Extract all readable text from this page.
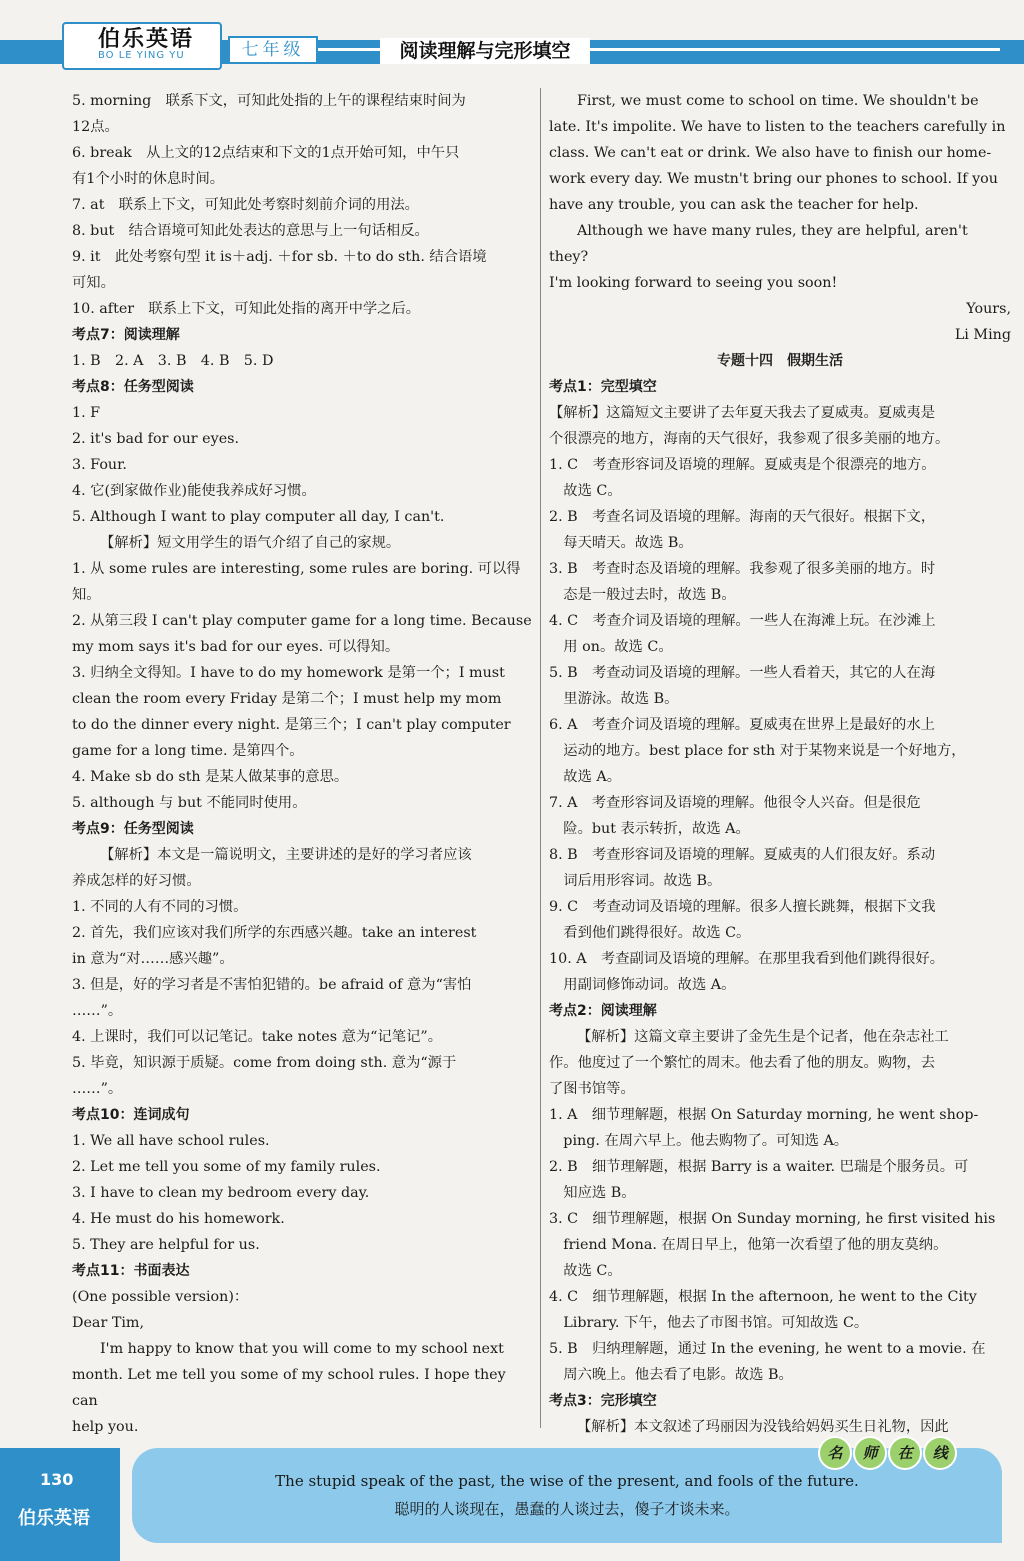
伯乐英语
BO LE YING YU	七年级	阅读理解与完形填空

5. morning　联系下文，可知此处指的上午的课程结束时间为

12点。

6. break　从上文的12点结束和下文的1点开始可知，中午只

有1个小时的休息时间。

7. at　联系上下文，可知此处考察时刻前介词的用法。

8. but　结合语境可知此处表达的意思与上一句话相反。

9. it　此处考察句型 it is＋adj. ＋for sb. ＋to do sth. 结合语境

可知。

10. after　联系上下文，可知此处指的离开中学之后。

考点7：阅读理解

1. B　2. A　3. B　4. B　5. D

考点8：任务型阅读

1. F

2. it's bad for our eyes.

3. Four.

4. 它(到家做作业)能使我养成好习惯。

5. Although I want to play computer all day, I can't.

【解析】短文用学生的语气介绍了自己的家规。

1. 从 some rules are interesting, some rules are boring. 可以得

知。

2. 从第三段 I can't play computer game for a long time. Because

my mom says it's bad for our eyes. 可以得知。

3. 归纳全文得知。I have to do my homework 是第一个；I must

clean the room every Friday 是第二个；I must help my mom

to do the dinner every night. 是第三个；I can't play computer

game for a long time. 是第四个。

4. Make sb do sth 是某人做某事的意思。

5. although 与 but 不能同时使用。

考点9：任务型阅读

【解析】本文是一篇说明文，主要讲述的是好的学习者应该

养成怎样的好习惯。

1. 不同的人有不同的习惯。

2. 首先，我们应该对我们所学的东西感兴趣。take an interest

in 意为“对……感兴趣”。

3. 但是，好的学习者是不害怕犯错的。be afraid of 意为“害怕

……”。

4. 上课时，我们可以记笔记。take notes 意为“记笔记”。

5. 毕竟，知识源于质疑。come from doing sth. 意为“源于

……”。

考点10：连词成句

1. We all have school rules.

2. Let me tell you some of my family rules.

3. I have to clean my bedroom every day.

4. He must do his homework.

5. They are helpful for us.

考点11：书面表达

(One possible version)：

Dear Tim,

I'm happy to know that you will come to my school next

month. Let me tell you some of my school rules. I hope they can

help you.

First, we must come to school on time. We shouldn't be

late. It's impolite. We have to listen to the teachers carefully in

class. We can't eat or drink. We also have to finish our home-

work every day. We mustn't bring our phones to school. If you

have any trouble, you can ask the teacher for help.

Although we have many rules, they are helpful, aren't they?

I'm looking forward to seeing you soon!

Yours,

Li Ming

专题十四　假期生活

考点1：完型填空

【解析】这篇短文主要讲了去年夏天我去了夏威夷。夏威夷是

个很漂亮的地方，海南的天气很好，我参观了很多美丽的地方。

1. C　考查形容词及语境的理解。夏威夷是个很漂亮的地方。

　故选 C。

2. B　考查名词及语境的理解。海南的天气很好。根据下文，

　每天晴天。故选 B。

3. B　考查时态及语境的理解。我参观了很多美丽的地方。时

　态是一般过去时，故选 B。

4. C　考查介词及语境的理解。一些人在海滩上玩。在沙滩上

　用 on。故选 C。

5. B　考查动词及语境的理解。一些人看着天，其它的人在海

　里游泳。故选 B。

6. A　考查介词及语境的理解。夏威夷在世界上是最好的水上

　运动的地方。best place for sth 对于某物来说是一个好地方，

　故选 A。

7. A　考查形容词及语境的理解。他很令人兴奋。但是很危

　险。but 表示转折，故选 A。

8. B　考查形容词及语境的理解。夏威夷的人们很友好。系动

　词后用形容词。故选 B。

9. C　考查动词及语境的理解。很多人擅长跳舞，根据下文我

　看到他们跳得很好。故选 C。

10. A　考查副词及语境的理解。在那里我看到他们跳得很好。

　用副词修饰动词。故选 A。

考点2：阅读理解

【解析】这篇文章主要讲了金先生是个记者，他在杂志社工

作。他度过了一个繁忙的周末。他去看了他的朋友。购物，去

了图书馆等。

1. A　细节理解题，根据 On Saturday morning, he went shop-

　ping. 在周六早上。他去购物了。可知选 A。

2. B　细节理解题，根据 Barry is a waiter. 巴瑞是个服务员。可

　知应选 B。

3. C　细节理解题，根据 On Sunday morning, he first visited his

　friend Mona. 在周日早上，他第一次看望了他的朋友莫纳。

　故选 C。

4. C　细节理解题，根据 In the afternoon, he went to the City

　Library. 下午，他去了市图书馆。可知故选 C。

5. B　归纳理解题，通过 In the evening, he went to a movie. 在

　周六晚上。他去看了电影。故选 B。

考点3：完形填空

【解析】本文叙述了玛丽因为没钱给妈妈买生日礼物，因此

130
伯乐英语
名 师 在 线
The stupid speak of the past, the wise of the present, and fools of the future.
聪明的人谈现在，愚蠢的人谈过去，傻子才谈未来。
